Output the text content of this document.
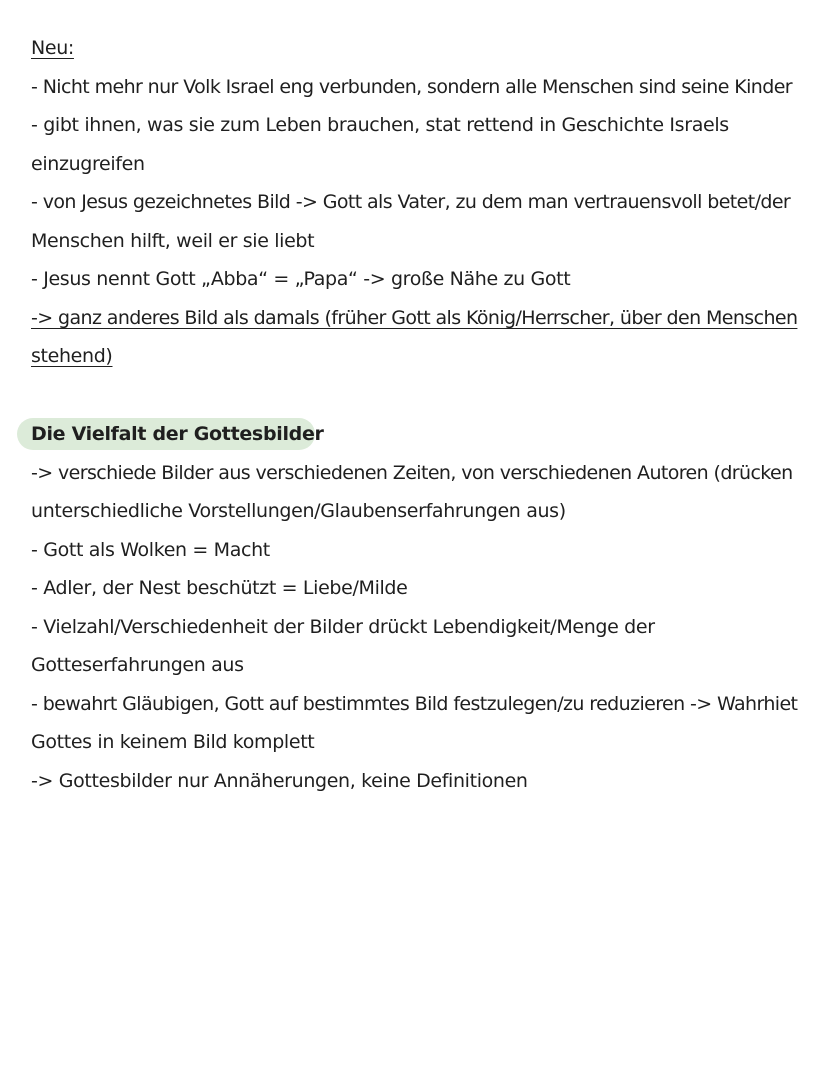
Neu:
- Nicht mehr nur Volk Israel eng verbunden, sondern alle Menschen sind seine Kinder
- gibt ihnen, was sie zum Leben brauchen, stat rettend in Geschichte Israels
einzugreifen
- von Jesus gezeichnetes Bild -> Gott als Vater, zu dem man vertrauensvoll betet/der
Menschen hilft, weil er sie liebt
- Jesus nennt Gott „Abba“ = „Papa“ -> große Nähe zu Gott
-> ganz anderes Bild als damals (früher Gott als König/Herrscher, über den Menschen
stehend)
Die Vielfalt der Gottesbilder
-> verschiede Bilder aus verschiedenen Zeiten, von verschiedenen Autoren (drücken
unterschiedliche Vorstellungen/Glaubenserfahrungen aus)
- Gott als Wolken = Macht
- Adler, der Nest beschützt = Liebe/Milde
- Vielzahl/Verschiedenheit der Bilder drückt Lebendigkeit/Menge der
Gotteserfahrungen aus
- bewahrt Gläubigen, Gott auf bestimmtes Bild festzulegen/zu reduzieren -> Wahrhiet
Gottes in keinem Bild komplett
-> Gottesbilder nur Annäherungen, keine Definitionen
